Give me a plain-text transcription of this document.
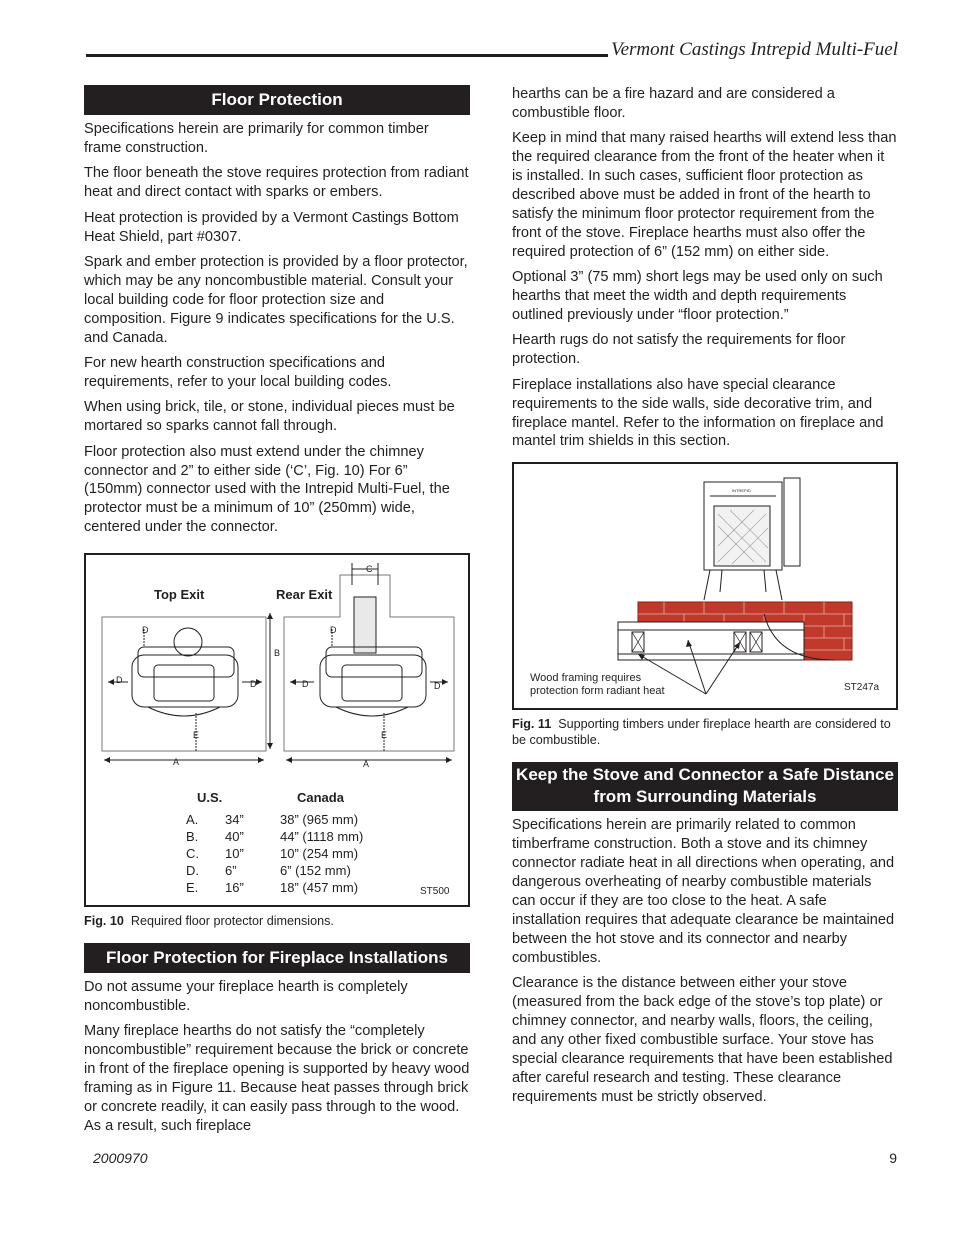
Vermont Castings Intrepid Multi-Fuel
Floor Protection

Specifications herein are primarily for common timber frame construction.

The floor beneath the stove requires protection from radiant heat and direct contact with sparks or embers.

Heat protection is provided by a Vermont Castings Bottom Heat Shield, part #0307.

Spark and ember protection is provided by a floor protector, which may be any noncombustible material. Consult your local building code for floor protection size and composition. Figure 9 indicates specifications for the U.S. and Canada.

For new hearth construction specifications and requirements, refer to your local building codes.

When using brick, tile, or stone, individual pieces must be mortared so sparks cannot fall through.

Floor protection also must extend under the chimney connector and 2” to either side (‘C’, Fig. 10) For 6” (150mm) connector used with the Intrepid Multi-Fuel, the protector must be a minimum of 10” (250mm) wide, centered under the connector.

Top Exit	Rear Exit
C
D	D
B
D	D	D	D
E	E
A	A
U.S.	Canada
A. 34”	38” (965 mm)
B. 40”	44” (1118 mm)
C. 10”	10” (254 mm)
D. 6”	6” (152 mm)
E. 16”	18” (457 mm)	ST500
Fig. 10 Required floor protector dimensions.
Floor Protection for Fireplace Installations

Do not assume your fireplace hearth is completely noncombustible.

Many fireplace hearths do not satisfy the “completely noncombustible” requirement because the brick or concrete in front of the fireplace opening is supported by heavy wood framing as in Figure 11. Because heat passes through brick or concrete readily, it can easily pass through to the wood. As a result, such fireplace

hearths can be a fire hazard and are considered a combustible floor.

Keep in mind that many raised hearths will extend less than the required clearance from the front of the heater when it is installed. In such cases, sufficient floor protection as described above must be added in front of the hearth to satisfy the minimum floor protector requirement from the front of the stove. Fireplace hearths must also offer the required protection of 6” (152 mm) on either side.

Optional 3” (75 mm) short legs may be used only on such hearths that meet the width and depth requirements outlined previously under “floor protection.”

Hearth rugs do not satisfy the requirements for floor protection.

Fireplace installations also have special clearance requirements to the side walls, side decorative trim, and fireplace mantel. Refer to the information on fireplace and mantel trim shields in this section.

INTREPID
Wood framing requires protection form radiant heat	ST247a
Fig. 11 Supporting timbers under fireplace hearth are considered to be combustible.
Keep the Stove and Connector a Safe Distance from Surrounding Materials

Specifications herein are primarily related to common timberframe construction. Both a stove and its chimney connector radiate heat in all directions when operating, and dangerous overheating of nearby combustible materials can occur if they are too close to the heat. A safe installation requires that adequate clearance be maintained between the hot stove and its connector and nearby combustibles.

Clearance is the distance between either your stove (measured from the back edge of the stove’s top plate) or chimney connector, and nearby walls, floors, the ceiling, and any other fixed combustible surface. Your stove has special clearance requirements that have been established after careful research and testing. These clearance requirements must be strictly observed.

2000970	9
